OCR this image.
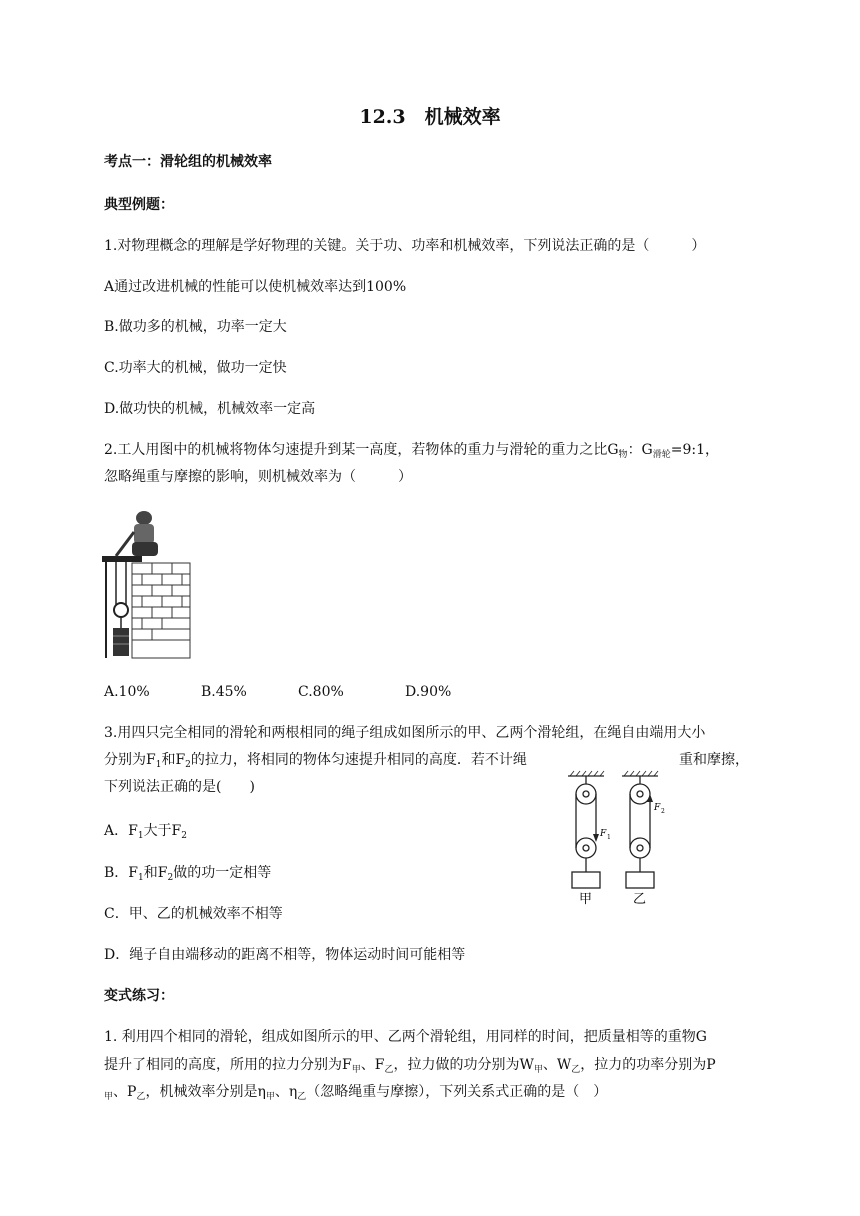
12.3　机械效率
考点一：滑轮组的机械效率
典型例题：
1.对物理概念的理解是学好物理的关键。关于功、功率和机械效率，下列说法正确的是（　　　）
A通过改进机械的性能可以使机械效率达到100%
B.做功多的机械，功率一定大
C.功率大的机械，做功一定快
D.做功快的机械，机械效率一定高
2.工人用图中的机械将物体匀速提升到某一高度，若物体的重力与滑轮的重力之比$G_物$：$G_{滑轮}=9:1$，
忽略绳重与摩擦的影响，则机械效率为（　　　）
A.10%	B.45%	C.80%	D.90%
3.用四只完全相同的滑轮和两根相同的绳子组成如图所示的甲、乙两个滑轮组，在绳自由端用大小
分别为$F_1$和$F_2$的拉力，将相同的物体匀速提升相同的高度．若不计绳	重和摩擦，
下列说法正确的是(　　)
F 1
F 2
甲	乙
A．$F_1$大于$F_2$
B．$F_1$和$F_2$做的功一定相等
C．甲、乙的机械效率不相等
D．绳子自由端移动的距离不相等，物体运动时间可能相等
变式练习：
1. 利用四个相同的滑轮，组成如图所示的甲、乙两个滑轮组，用同样的时间，把质量相等的重物G
提升了相同的高度，所用的拉力分别为$F_甲$、$F_乙$，拉力做的功分别为$W_甲$、$W_乙$，拉力的功率分别为P
$_甲$、$P_乙$，机械效率分别是$\eta_甲$、$\eta_乙$（忽略绳重与摩擦），下列关系式正确的是（　）
